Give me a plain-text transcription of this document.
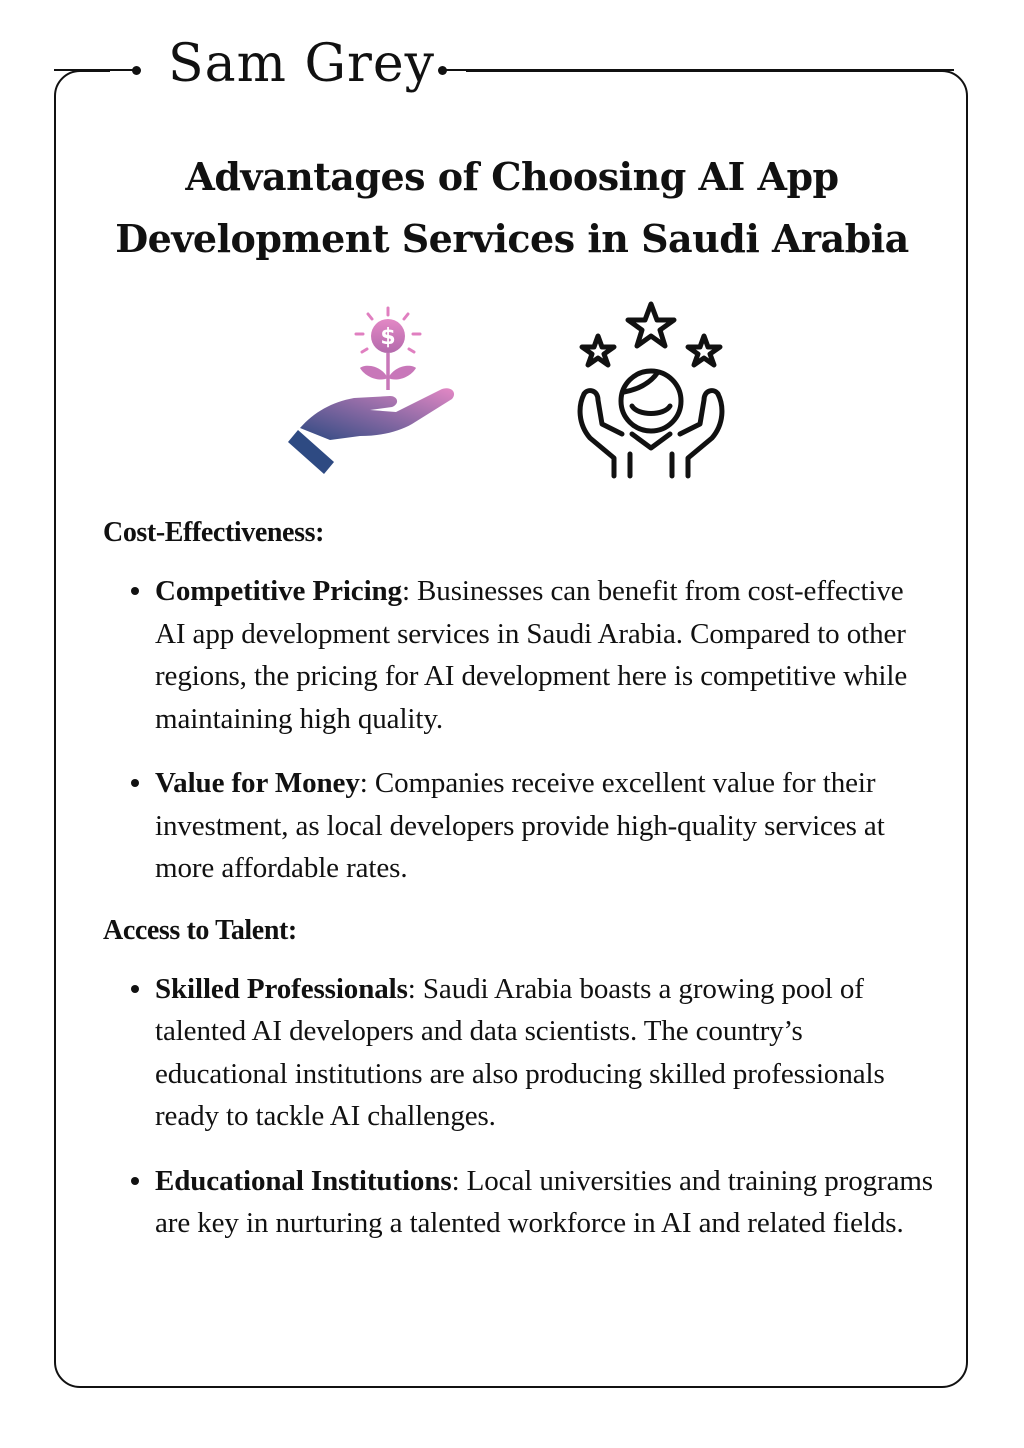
Sam Grey
Advantages of Choosing AI App Development Services in Saudi Arabia
$
Cost-Effectiveness:
Competitive Pricing: Businesses can benefit from cost-effective AI app development services in Saudi Arabia. Compared to other regions, the pricing for AI development here is competitive while maintaining high quality.
Value for Money: Companies receive excellent value for their investment, as local developers provide high-quality services at more affordable rates.
Access to Talent:
Skilled Professionals: Saudi Arabia boasts a growing pool of talented AI developers and data scientists. The country’s educational institutions are also producing skilled professionals ready to tackle AI challenges.
Educational Institutions: Local universities and training programs are key in nurturing a talented workforce in AI and related fields.
